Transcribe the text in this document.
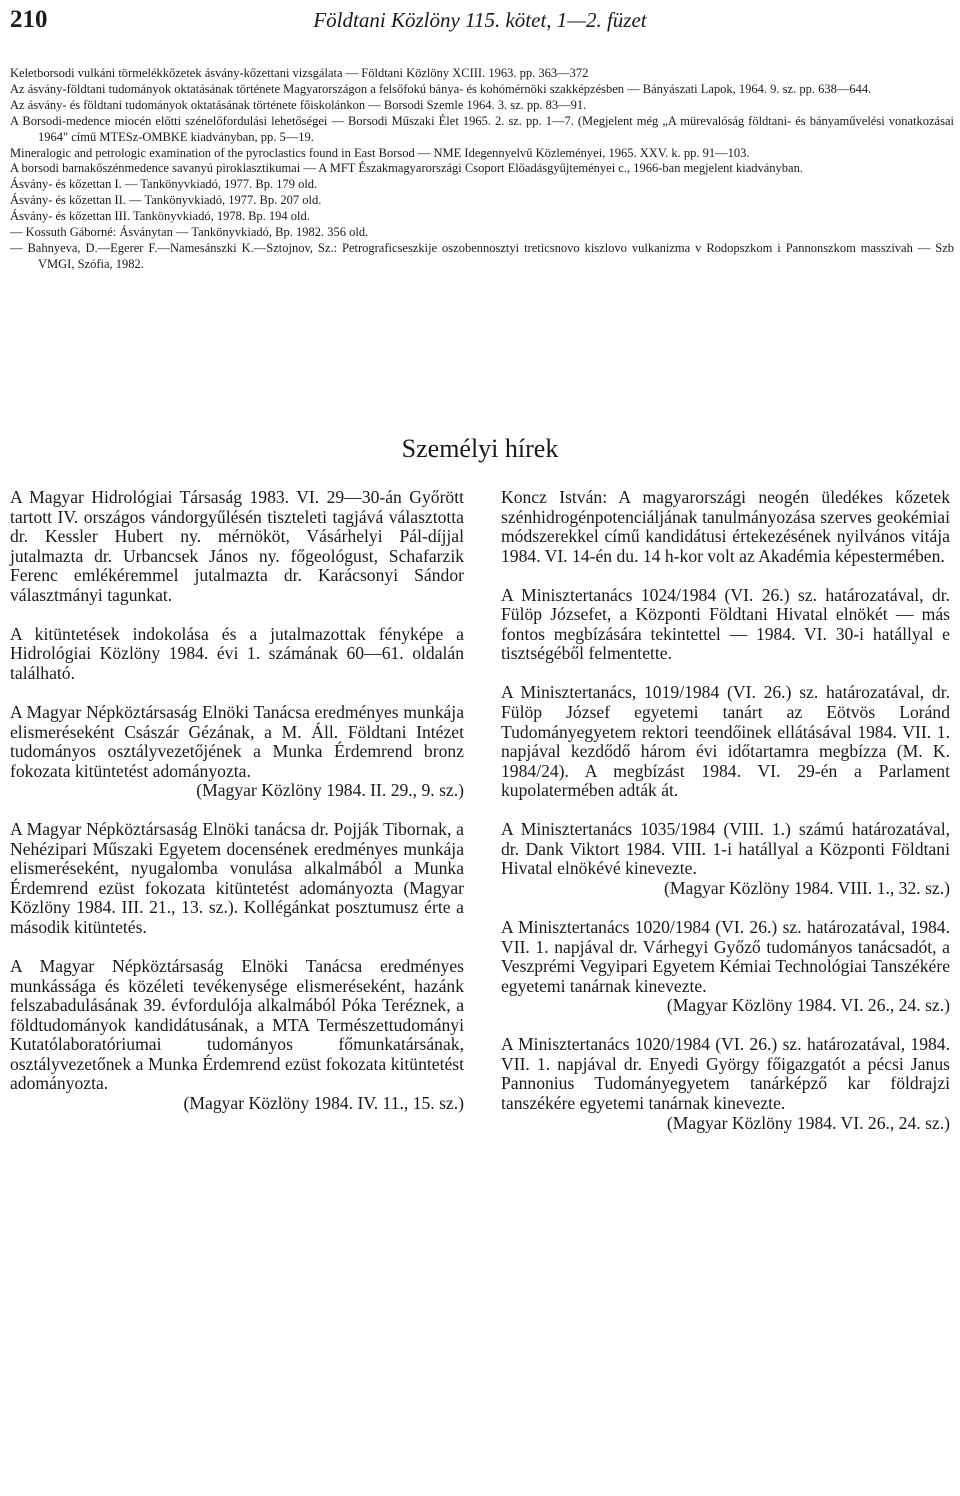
210	Földtani Közlöny 115. kötet, 1—2. füzet

Keletborsodi vulkáni törmelékkőzetek ásvány-kőzettani vizsgálata — Földtani Közlöny XCIII. 1963. pp. 363—372

Az ásvány-földtani tudományok oktatásának története Magyarországon a felsőfokú bánya- és kohómérnöki szakképzésben — Bányászati Lapok, 1964. 9. sz. pp. 638—644.

Az ásvány- és földtani tudományok oktatásának története főiskolánkon — Borsodi Szemle 1964. 3. sz. pp. 83—91.

A Borsodi-medence miocén előtti szénelőfordulási lehetőségei — Borsodi Műszaki Élet 1965. 2. sz. pp. 1—7. (Megjelent még „A mürevalóság földtani- és bányaművelési vonatkozásai 1964" című MTESz-OMBKE kiadványban, pp. 5—19.

Mineralogic and petrologic examination of the pyroclastics found in East Borsod — NME Idegennyelvű Közleményei, 1965. XXV. k. pp. 91—103.

A borsodi barnakőszénmedence savanyú piroklasztikumai — A MFT Északmagyarországi Csoport Előadásgyűjteményei c., 1966-ban megjelent kiadványban.

Ásvány- és kőzettan I. — Tankönyvkiadó, 1977. Bp. 179 old.

Ásvány- és kőzettan II. — Tankönyvkiadó, 1977. Bp. 207 old.

Ásvány- és kőzettan III. Tankönyvkiadó, 1978. Bp. 194 old.

— Kossuth Gáborné: Ásványtan — Tankönyvkiadó, Bp. 1982. 356 old.

— Bahnyeva, D.—Egerer F.—Namesánszki K.—Sztojnov, Sz.: Petrograficseszkije oszobennosztyi treticsnovo kiszlovo vulkanizma v Rodopszkom i Pannonszkom masszivah — Szb VMGI, Szófia, 1982.

Személyi hírek

A Magyar Hidrológiai Társaság 1983. VI. 29—30-án Győrött tartott IV. országos vándorgyűlésén tiszteleti tagjává választotta dr. Kessler Hubert ny. mérnököt, Vásárhelyi Pál-díjjal jutalmazta dr. Urbancsek János ny. főgeológust, Schafarzik Ferenc emlékéremmel jutalmazta dr. Karácsonyi Sándor választmányi tagunkat.

A kitüntetések indokolása és a jutalmazottak fényképe a Hidrológiai Közlöny 1984. évi 1. számának 60—61. oldalán található.

A Magyar Népköztársaság Elnöki Tanácsa eredményes munkája elismeréseként Császár Gézának, a M. Áll. Földtani Intézet tudományos osztályvezetőjének a Munka Érdemrend bronz fokozata kitüntetést adományozta.

(Magyar Közlöny 1984. II. 29., 9. sz.)

A Magyar Népköztársaság Elnöki tanácsa dr. Pojják Tibornak, a Nehézipari Műszaki Egyetem docensének eredményes munkája elismeréseként, nyugalomba vonulása alkalmából a Munka Érdemrend ezüst fokozata kitüntetést adományozta (Magyar Közlöny 1984. III. 21., 13. sz.). Kollégánkat posztumusz érte a második kitüntetés.

A Magyar Népköztársaság Elnöki Tanácsa eredményes munkássága és közéleti tevékenysége elismeréseként, hazánk felszabadulásának 39. évfordulója alkalmából Póka Teréznek, a földtudományok kandidátusának, a MTA Természettudományi Kutatólaboratóriumai tudományos főmunkatársának, osztályvezetőnek a Munka Érdemrend ezüst fokozata kitüntetést adományozta.

(Magyar Közlöny 1984. IV. 11., 15. sz.)

Koncz István: A magyarországi neogén üledékes kőzetek szénhidrogénpotenciáljának tanulmányozása szerves geokémiai módszerekkel című kandidátusi értekezésének nyilvános vitája 1984. VI. 14-én du. 14 h-kor volt az Akadémia képestermében.

A Minisztertanács 1024/1984 (VI. 26.) sz. határozatával, dr. Fülöp Józsefet, a Központi Földtani Hivatal elnökét — más fontos megbízására tekintettel — 1984. VI. 30-i hatállyal e tisztségéből felmentette.

A Minisztertanács, 1019/1984 (VI. 26.) sz. határozatával, dr. Fülöp József egyetemi tanárt az Eötvös Loránd Tudományegyetem rektori teendőinek ellátásával 1984. VII. 1. napjával kezdődő három évi időtartamra megbízza (M. K. 1984/24). A megbízást 1984. VI. 29-én a Parlament kupolatermében adták át.

A Minisztertanács 1035/1984 (VIII. 1.) számú határozatával, dr. Dank Viktort 1984. VIII. 1-i hatállyal a Központi Földtani Hivatal elnökévé kinevezte.

(Magyar Közlöny 1984. VIII. 1., 32. sz.)

A Minisztertanács 1020/1984 (VI. 26.) sz. határozatával, 1984. VII. 1. napjával dr. Várhegyi Győző tudományos tanácsadót, a Veszprémi Vegyipari Egyetem Kémiai Technológiai Tanszékére egyetemi tanárnak kinevezte.

(Magyar Közlöny 1984. VI. 26., 24. sz.)

A Minisztertanács 1020/1984 (VI. 26.) sz. határozatával, 1984. VII. 1. napjával dr. Enyedi György főigazgatót a pécsi Janus Pannonius Tudományegyetem tanárképző kar földrajzi tanszékére egyetemi tanárnak kinevezte.

(Magyar Közlöny 1984. VI. 26., 24. sz.)
